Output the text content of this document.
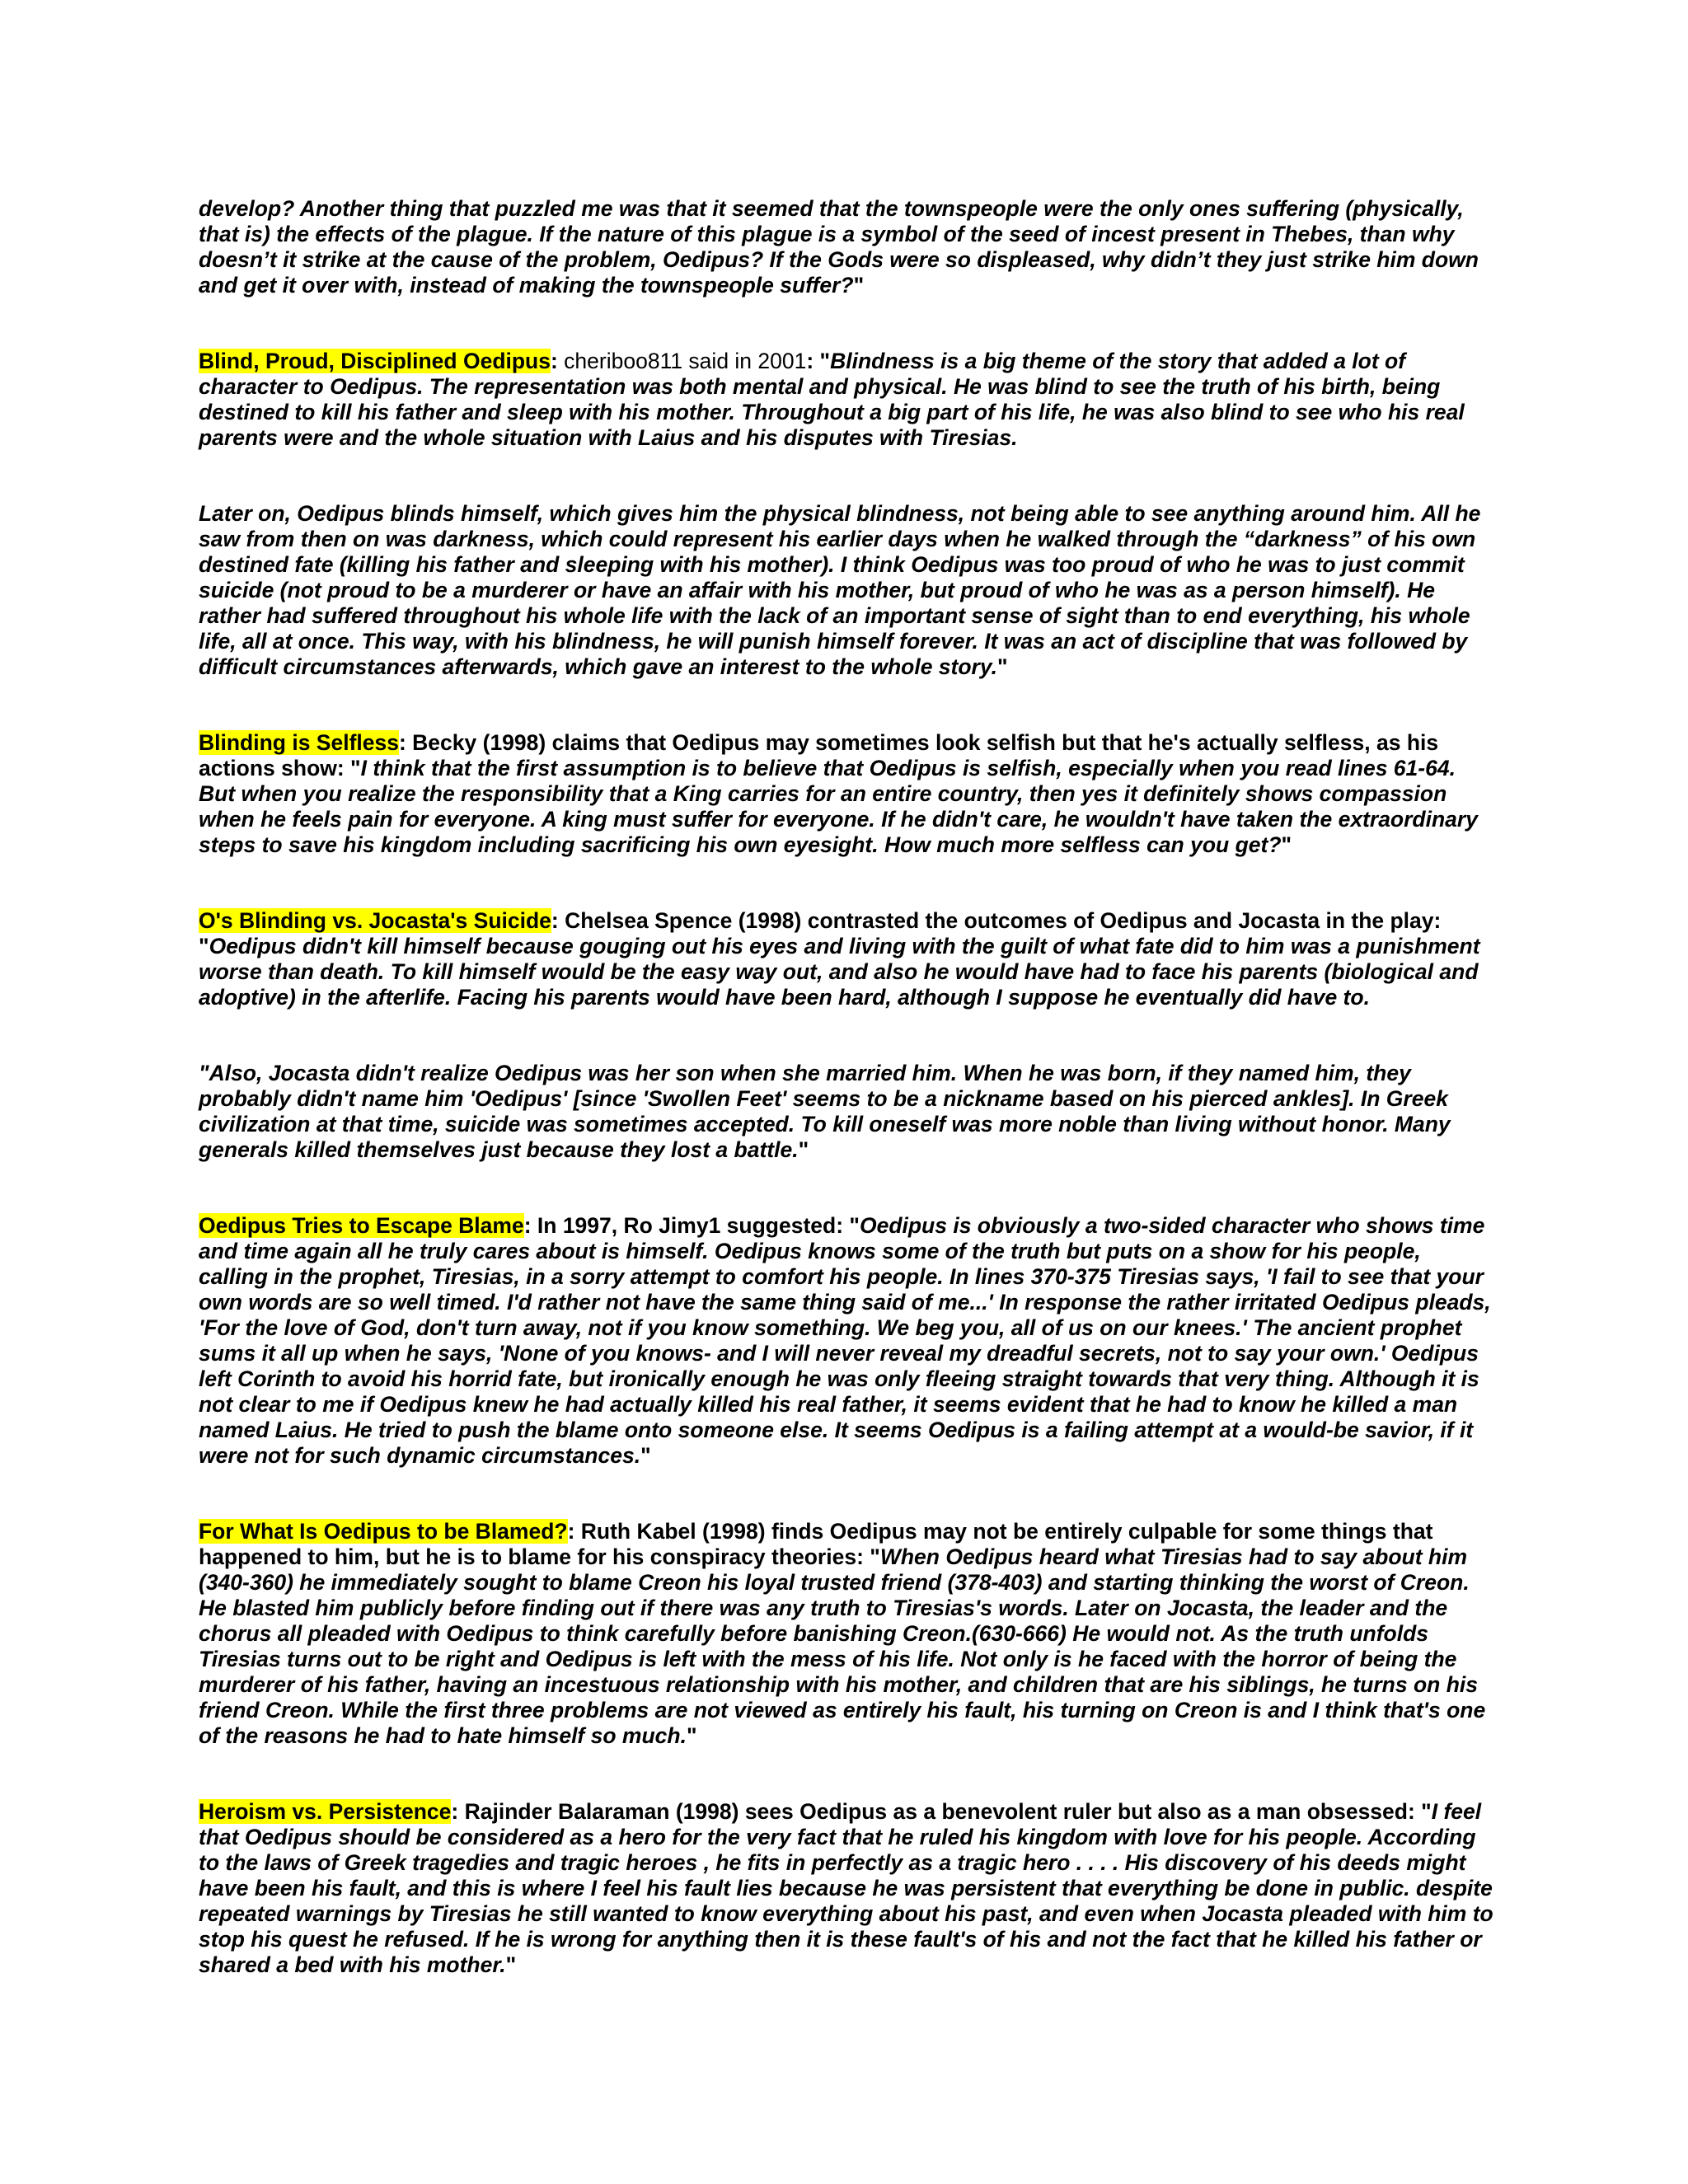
develop? Another thing that puzzled me was that it seemed that the townspeople were the only ones suffering (physically, that is) the effects of the plague. If the nature of this plague is a symbol of the seed of incest present in Thebes, than why doesn’t it strike at the cause of the problem, Oedipus? If the Gods were so displeased, why didn’t they just strike him down and get it over with, instead of making the townspeople suffer?"

Blind, Proud, Disciplined Oedipus: cheriboo811 said in 2001: "Blindness is a big theme of the story that added a lot of character to Oedipus. The representation was both mental and physical. He was blind to see the truth of his birth, being destined to kill his father and sleep with his mother. Throughout a big part of his life, he was also blind to see who his real parents were and the whole situation with Laius and his disputes with Tiresias.

Later on, Oedipus blinds himself, which gives him the physical blindness, not being able to see anything around him. All he saw from then on was darkness, which could represent his earlier days when he walked through the “darkness” of his own destined fate (killing his father and sleeping with his mother). I think Oedipus was too proud of who he was to just commit suicide (not proud to be a murderer or have an affair with his mother, but proud of who he was as a person himself). He rather had suffered throughout his whole life with the lack of an important sense of sight than to end everything, his whole life, all at once. This way, with his blindness, he will punish himself forever. It was an act of discipline that was followed by difficult circumstances afterwards, which gave an interest to the whole story."

Blinding is Selfless: Becky (1998) claims that Oedipus may sometimes look selfish but that he's actually selfless, as his actions show: "I think that the first assumption is to believe that Oedipus is selfish, especially when you read lines 61-64. But when you realize the responsibility that a King carries for an entire country, then yes it definitely shows compassion when he feels pain for everyone. A king must suffer for everyone. If he didn't care, he wouldn't have taken the extraordinary steps to save his kingdom including sacrificing his own eyesight. How much more selfless can you get?"

O's Blinding vs. Jocasta's Suicide: Chelsea Spence (1998) contrasted the outcomes of Oedipus and Jocasta in the play: "Oedipus didn't kill himself because gouging out his eyes and living with the guilt of what fate did to him was a punishment worse than death. To kill himself would be the easy way out, and also he would have had to face his parents (biological and adoptive) in the afterlife. Facing his parents would have been hard, although I suppose he eventually did have to.

"Also, Jocasta didn't realize Oedipus was her son when she married him. When he was born, if they named him, they probably didn't name him 'Oedipus' [since 'Swollen Feet' seems to be a nickname based on his pierced ankles]. In Greek civilization at that time, suicide was sometimes accepted. To kill oneself was more noble than living without honor. Many generals killed themselves just because they lost a battle."

Oedipus Tries to Escape Blame: In 1997, Ro Jimy1 suggested: "Oedipus is obviously a two-sided character who shows time and time again all he truly cares about is himself. Oedipus knows some of the truth but puts on a show for his people, calling in the prophet, Tiresias, in a sorry attempt to comfort his people. In lines 370-375 Tiresias says, 'I fail to see that your own words are so well timed. I'd rather not have the same thing said of me...' In response the rather irritated Oedipus pleads, 'For the love of God, don't turn away, not if you know something. We beg you, all of us on our knees.' The ancient prophet sums it all up when he says, 'None of you knows- and I will never reveal my dreadful secrets, not to say your own.' Oedipus left Corinth to avoid his horrid fate, but ironically enough he was only fleeing straight towards that very thing. Although it is not clear to me if Oedipus knew he had actually killed his real father, it seems evident that he had to know he killed a man named Laius. He tried to push the blame onto someone else. It seems Oedipus is a failing attempt at a would-be savior, if it were not for such dynamic circumstances."

For What Is Oedipus to be Blamed?: Ruth Kabel (1998) finds Oedipus may not be entirely culpable for some things that happened to him, but he is to blame for his conspiracy theories: "When Oedipus heard what Tiresias had to say about him (340-360) he immediately sought to blame Creon his loyal trusted friend (378-403) and starting thinking the worst of Creon. He blasted him publicly before finding out if there was any truth to Tiresias's words. Later on Jocasta, the leader and the chorus all pleaded with Oedipus to think carefully before banishing Creon.(630-666) He would not. As the truth unfolds Tiresias turns out to be right and Oedipus is left with the mess of his life. Not only is he faced with the horror of being the murderer of his father, having an incestuous relationship with his mother, and children that are his siblings, he turns on his friend Creon. While the first three problems are not viewed as entirely his fault, his turning on Creon is and I think that's one of the reasons he had to hate himself so much."

Heroism vs. Persistence: Rajinder Balaraman (1998) sees Oedipus as a benevolent ruler but also as a man obsessed: "I feel that Oedipus should be considered as a hero for the very fact that he ruled his kingdom with love for his people. According to the laws of Greek tragedies and tragic heroes , he fits in perfectly as a tragic hero . . . . His discovery of his deeds might have been his fault, and this is where I feel his fault lies because he was persistent that everything be done in public. despite repeated warnings by Tiresias he still wanted to know everything about his past, and even when Jocasta pleaded with him to stop his quest he refused. If he is wrong for anything then it is these fault's of his and not the fact that he killed his father or shared a bed with his mother."
